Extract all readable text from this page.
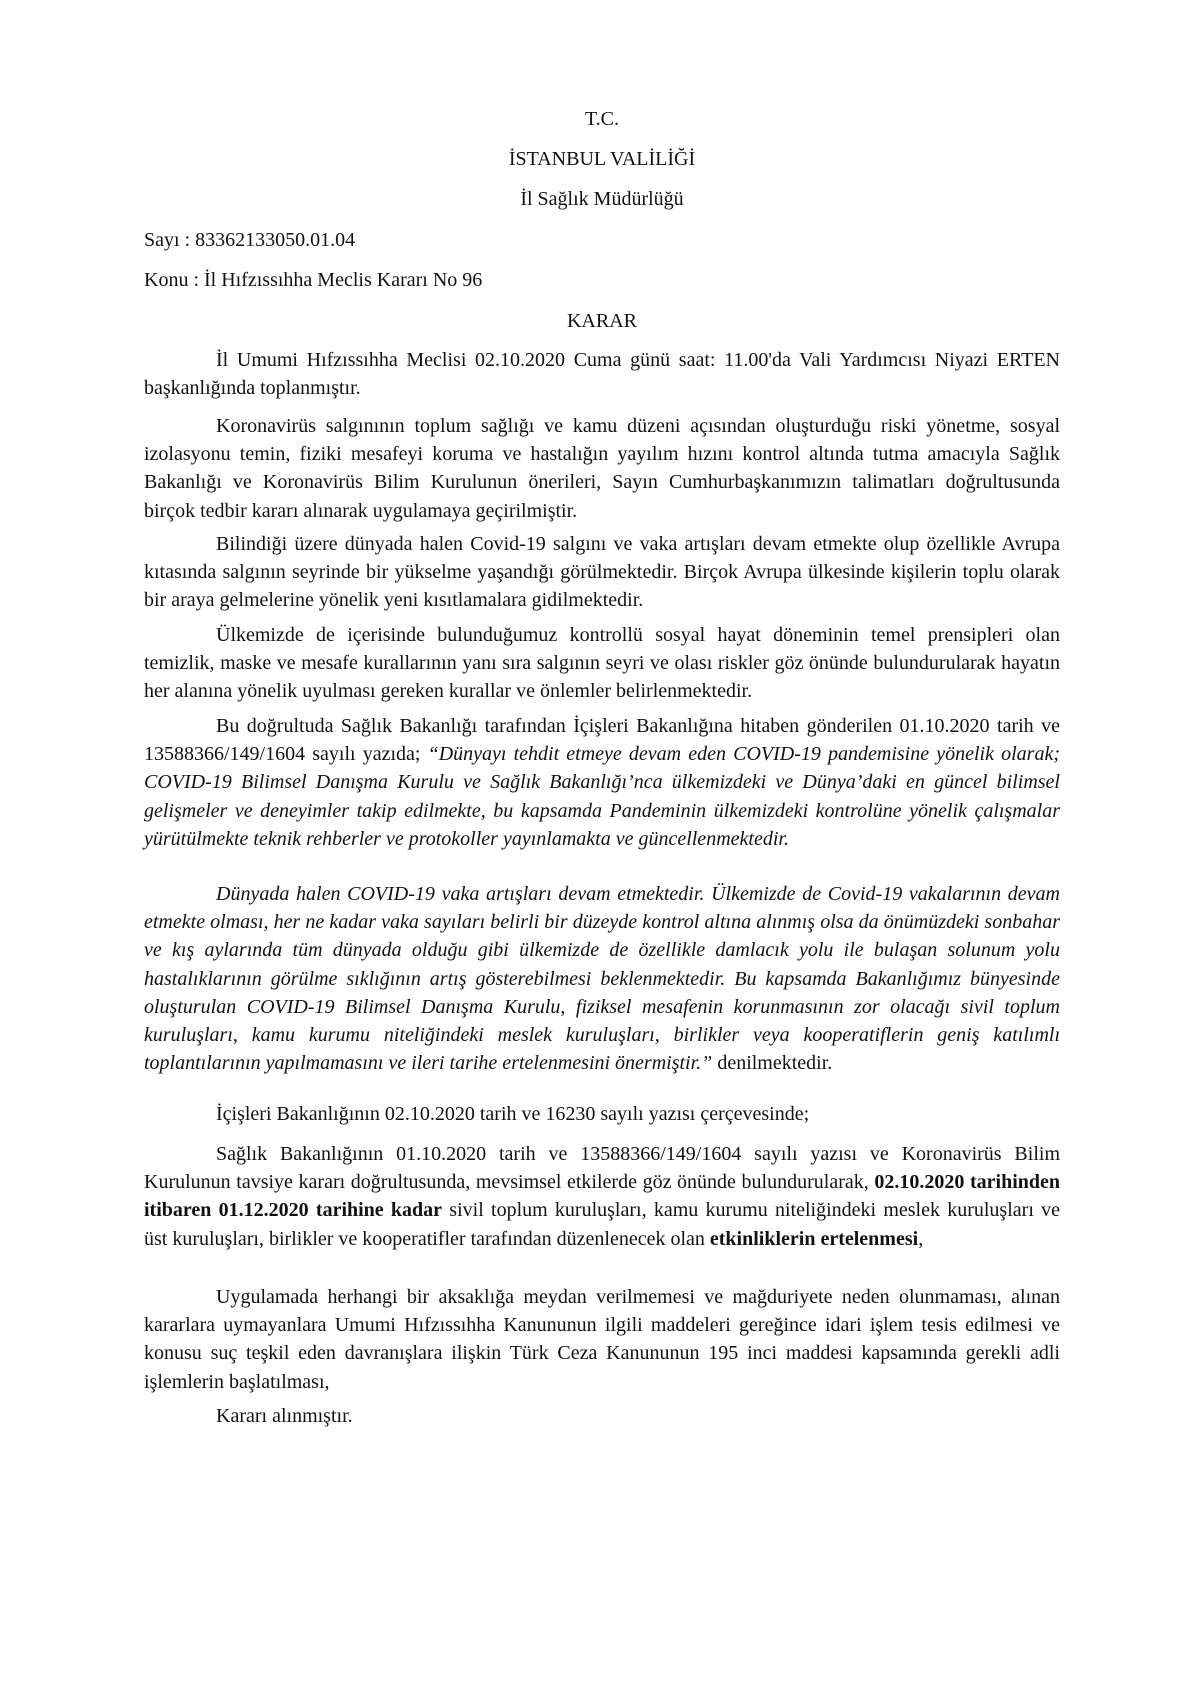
T.C.
İSTANBUL VALİLİĞİ
İl Sağlık Müdürlüğü
Sayı : 83362133050.01.04
Konu : İl Hıfzıssıhha Meclis Kararı No 96
KARAR

İl Umumi Hıfzıssıhha Meclisi 02.10.2020 Cuma günü saat: 11.00'da Vali Yardımcısı Niyazi ERTEN başkanlığında toplanmıştır.

Koronavirüs salgınının toplum sağlığı ve kamu düzeni açısından oluşturduğu riski yönetme, sosyal izolasyonu temin, fiziki mesafeyi koruma ve hastalığın yayılım hızını kontrol altında tutma amacıyla Sağlık Bakanlığı ve Koronavirüs Bilim Kurulunun önerileri, Sayın Cumhurbaşkanımızın talimatları doğrultusunda birçok tedbir kararı alınarak uygulamaya geçirilmiştir.

Bilindiği üzere dünyada halen Covid-19 salgını ve vaka artışları devam etmekte olup özellikle Avrupa kıtasında salgının seyrinde bir yükselme yaşandığı görülmektedir. Birçok Avrupa ülkesinde kişilerin toplu olarak bir araya gelmelerine yönelik yeni kısıtlamalara gidilmektedir.

Ülkemizde de içerisinde bulunduğumuz kontrollü sosyal hayat döneminin temel prensipleri olan temizlik, maske ve mesafe kurallarının yanı sıra salgının seyri ve olası riskler göz önünde bulundurularak hayatın her alanına yönelik uyulması gereken kurallar ve önlemler belirlenmektedir.

Bu doğrultuda Sağlık Bakanlığı tarafından İçişleri Bakanlığına hitaben gönderilen 01.10.2020 tarih ve 13588366/149/1604 sayılı yazıda; “Dünyayı tehdit etmeye devam eden COVID-19 pandemisine yönelik olarak; COVID-19 Bilimsel Danışma Kurulu ve Sağlık Bakanlığı’nca ülkemizdeki ve Dünya’daki en güncel bilimsel gelişmeler ve deneyimler takip edilmekte, bu kapsamda Pandeminin ülkemizdeki kontrolüne yönelik çalışmalar yürütülmekte teknik rehberler ve protokoller yayınlamakta ve güncellenmektedir.

Dünyada halen COVID-19 vaka artışları devam etmektedir. Ülkemizde de Covid-19 vakalarının devam etmekte olması, her ne kadar vaka sayıları belirli bir düzeyde kontrol altına alınmış olsa da önümüzdeki sonbahar ve kış aylarında tüm dünyada olduğu gibi ülkemizde de özellikle damlacık yolu ile bulaşan solunum yolu hastalıklarının görülme sıklığının artış gösterebilmesi beklenmektedir. Bu kapsamda Bakanlığımız bünyesinde oluşturulan COVID-19 Bilimsel Danışma Kurulu, fiziksel mesafenin korunmasının zor olacağı sivil toplum kuruluşları, kamu kurumu niteliğindeki meslek kuruluşları, birlikler veya kooperatiflerin geniş katılımlı toplantılarının yapılmamasını ve ileri tarihe ertelenmesini önermiştir.” denilmektedir.

İçişleri Bakanlığının 02.10.2020 tarih ve 16230 sayılı yazısı çerçevesinde;

Sağlık Bakanlığının 01.10.2020 tarih ve 13588366/149/1604 sayılı yazısı ve Koronavirüs Bilim Kurulunun tavsiye kararı doğrultusunda, mevsimsel etkilerde göz önünde bulundurularak, 02.10.2020 tarihinden itibaren 01.12.2020 tarihine kadar sivil toplum kuruluşları, kamu kurumu niteliğindeki meslek kuruluşları ve üst kuruluşları, birlikler ve kooperatifler tarafından düzenlenecek olan etkinliklerin ertelenmesi,

Uygulamada herhangi bir aksaklığa meydan verilmemesi ve mağduriyete neden olunmaması, alınan kararlara uymayanlara Umumi Hıfzıssıhha Kanununun ilgili maddeleri gereğince idari işlem tesis edilmesi ve konusu suç teşkil eden davranışlara ilişkin Türk Ceza Kanununun 195 inci maddesi kapsamında gerekli adli işlemlerin başlatılması,

Kararı alınmıştır.
